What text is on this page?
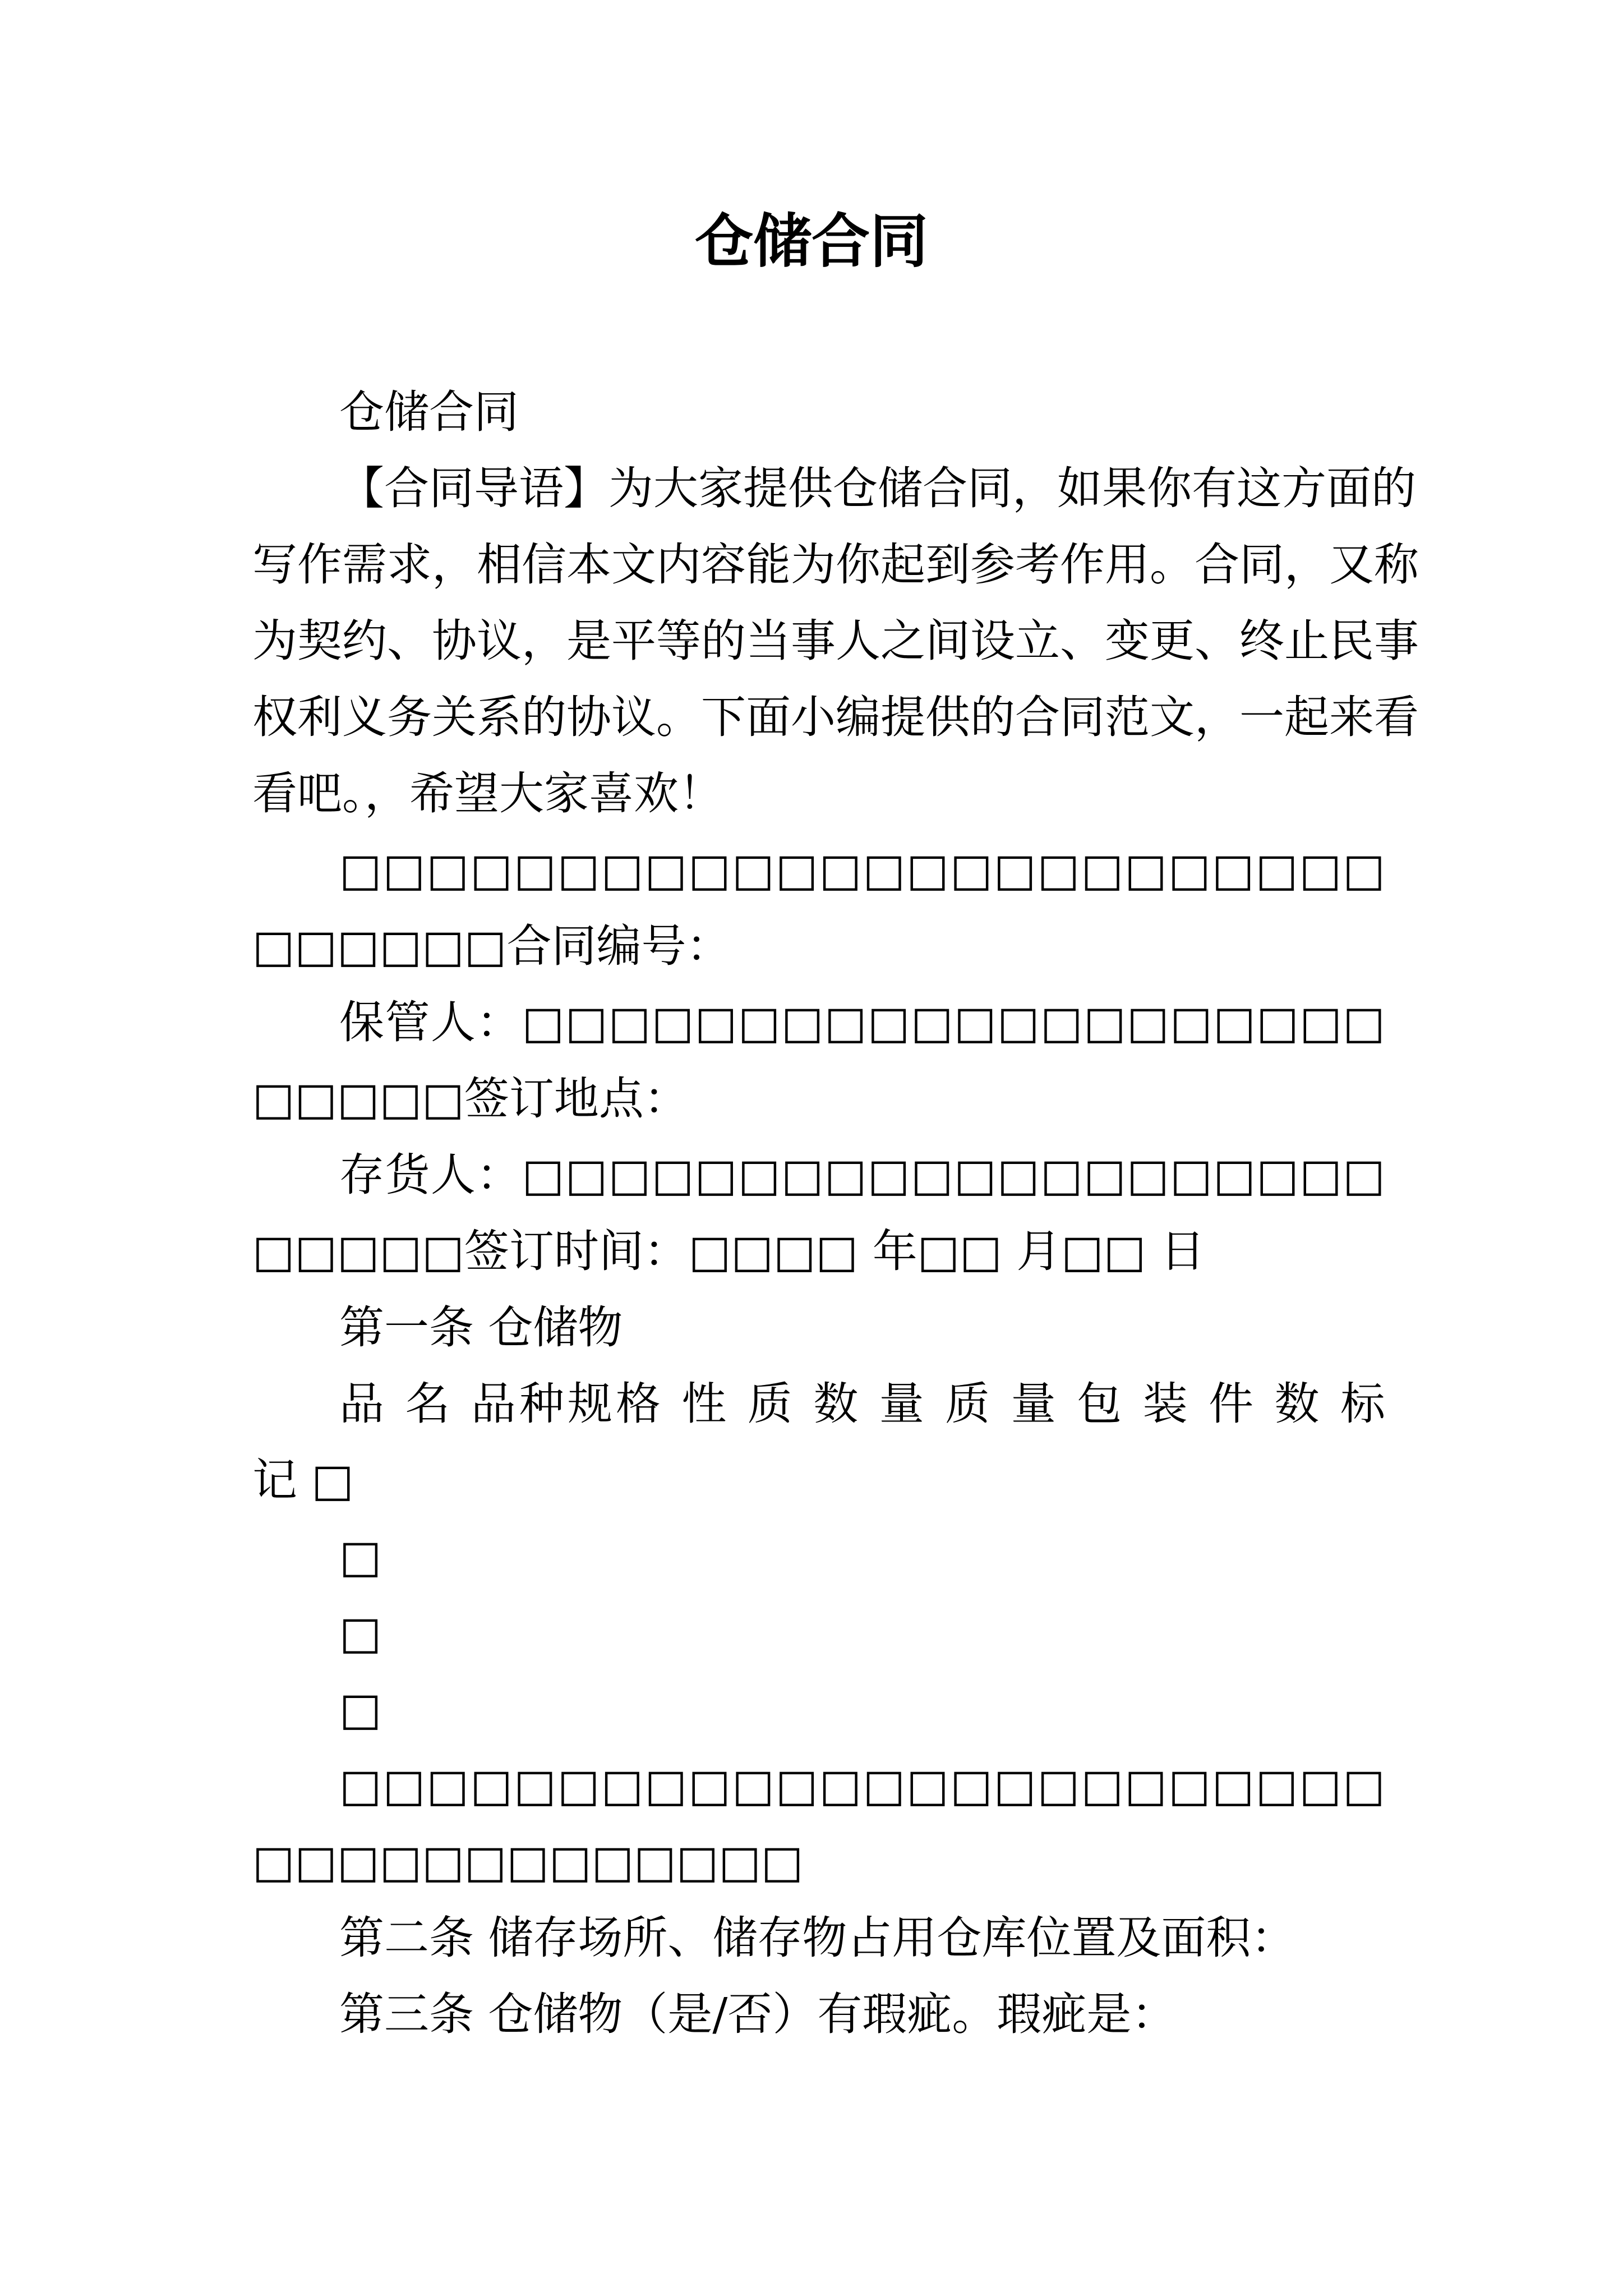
仓储合同

仓储合同

【合同导语】为大家提供仓储合同，如果你有这方面的

写作需求，相信本文内容能为你起到参考作用。合同，又称

为契约、协议，是平等的当事人之间设立、变更、终止民事

权利义务关系的协议。下面小编提供的合同范文，一起来看

看吧。，希望大家喜欢！

□□□□□□□□□□□□□□□□□□□□□□□□

□□□□□□合同编号：

保管人：□□□□□□□□□□□□□□□□□□□□

□□□□□签订地点：

存货人：□□□□□□□□□□□□□□□□□□□□

□□□□□签订时间：□□□□ 年□□ 月□□ 日

第一条 仓储物

品 名 品种规格 性 质 数 量 质 量 包 装 件 数 标

记 □

□

□

□

□□□□□□□□□□□□□□□□□□□□□□□□

□□□□□□□□□□□□□

第二条 储存场所、储存物占用仓库位置及面积：

第三条 仓储物（是/否）有瑕疵。瑕疵是：
